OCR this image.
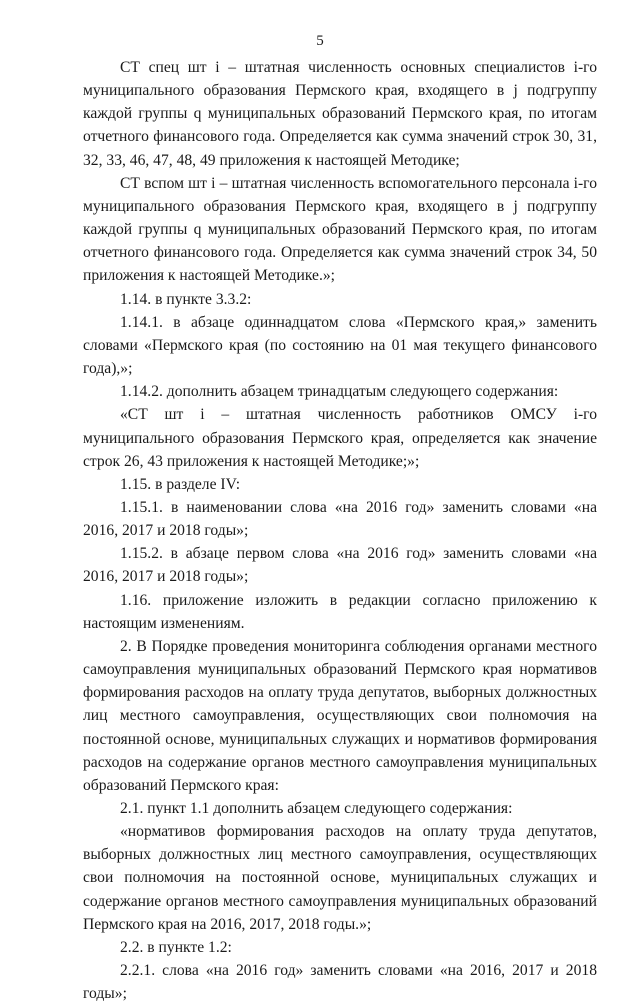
5

СТ спец шт i – штатная численность основных специалистов i-го муниципального образования Пермского края, входящего в j подгруппу каждой группы q муниципальных образований Пермского края, по итогам отчетного финансового года. Определяется как сумма значений строк 30, 31, 32, 33, 46, 47, 48, 49 приложения к настоящей Методике;

СТ вспом шт i – штатная численность вспомогательного персонала i-го муниципального образования Пермского края, входящего в j подгруппу каждой группы q муниципальных образований Пермского края, по итогам отчетного финансового года. Определяется как сумма значений строк 34, 50 приложения к настоящей Методике.»;

1.14. в пункте 3.3.2:

1.14.1. в абзаце одиннадцатом слова «Пермского края,» заменить словами «Пермского края (по состоянию на 01 мая текущего финансового года),»;

1.14.2. дополнить абзацем тринадцатым следующего содержания:

«СТ шт i – штатная численность работников ОМСУ i-го муниципального образования Пермского края, определяется как значение строк 26, 43 приложения к настоящей Методике;»;

1.15. в разделе IV:

1.15.1. в наименовании слова «на 2016 год» заменить словами «на 2016, 2017 и 2018 годы»;

1.15.2. в абзаце первом слова «на 2016 год» заменить словами «на 2016, 2017 и 2018 годы»;

1.16. приложение изложить в редакции согласно приложению к настоящим изменениям.

2. В Порядке проведения мониторинга соблюдения органами местного самоуправления муниципальных образований Пермского края нормативов формирования расходов на оплату труда депутатов, выборных должностных лиц местного самоуправления, осуществляющих свои полномочия на постоянной основе, муниципальных служащих и нормативов формирования расходов на содержание органов местного самоуправления муниципальных образований Пермского края:

2.1. пункт 1.1 дополнить абзацем следующего содержания:

«нормативов формирования расходов на оплату труда депутатов, выборных должностных лиц местного самоуправления, осуществляющих свои полномочия на постоянной основе, муниципальных служащих и содержание органов местного самоуправления муниципальных образований Пермского края на 2016, 2017, 2018 годы.»;

2.2. в пункте 1.2:

2.2.1. слова «на 2016 год» заменить словами «на 2016, 2017 и 2018 годы»;
